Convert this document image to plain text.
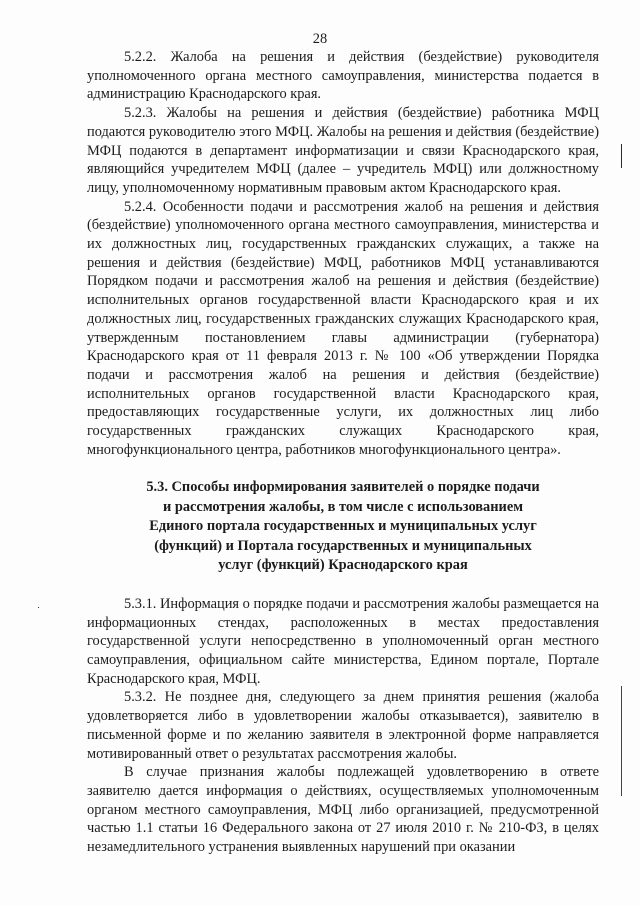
28

5.2.2. Жалоба на решения и действия (бездействие) руководителя уполномоченного органа местного самоуправления, министерства подается в администрацию Краснодарского края.

5.2.3. Жалобы на решения и действия (бездействие) работника МФЦ подаются руководителю этого МФЦ. Жалобы на решения и действия (бездействие) МФЦ подаются в департамент информатизации и связи Краснодарского края, являющийся учредителем МФЦ (далее – учредитель МФЦ) или должностному лицу, уполномоченному нормативным правовым актом Краснодарского края.

5.2.4. Особенности подачи и рассмотрения жалоб на решения и действия (бездействие) уполномоченного органа местного самоуправления, министерства и их должностных лиц, государственных гражданских служащих, а также на решения и действия (бездействие) МФЦ, работников МФЦ устанавливаются Порядком подачи и рассмотрения жалоб на решения и действия (бездействие) исполнительных органов государственной власти Краснодарского края и их должностных лиц, государственных гражданских служащих Краснодарского края, утвержденным постановлением главы администрации (губернатора) Краснодарского края от 11 февраля 2013 г. № 100 «Об утверждении Порядка подачи и рассмотрения жалоб на решения и действия (бездействие) исполнительных органов государственной власти Краснодарского края, предоставляющих государственные услуги, их должностных лиц либо государственных гражданских служащих Краснодарского края, многофункционального центра, работников многофункционального центра».

5.3. Способы информирования заявителей о порядке подачи
и рассмотрения жалобы, в том числе с использованием
Единого портала государственных и муниципальных услуг
(функций) и Портала государственных и муниципальных
услуг (функций) Краснодарского края

5.3.1. Информация о порядке подачи и рассмотрения жалобы размещается на информационных стендах, расположенных в местах предоставления государственной услуги непосредственно в уполномоченный орган местного самоуправления, официальном сайте министерства, Едином портале, Портале Краснодарского края, МФЦ.

5.3.2. Не позднее дня, следующего за днем принятия решения (жалоба удовлетворяется либо в удовлетворении жалобы отказывается), заявителю в письменной форме и по желанию заявителя в электронной форме направляется мотивированный ответ о результатах рассмотрения жалобы.

В случае признания жалобы подлежащей удовлетворению в ответе заявителю дается информация о действиях, осуществляемых уполномоченным органом местного самоуправления, МФЦ либо организацией, предусмотренной частью 1.1 статьи 16 Федерального закона от 27 июля 2010 г. № 210-ФЗ, в целях незамедлительного устранения выявленных нарушений при оказании
